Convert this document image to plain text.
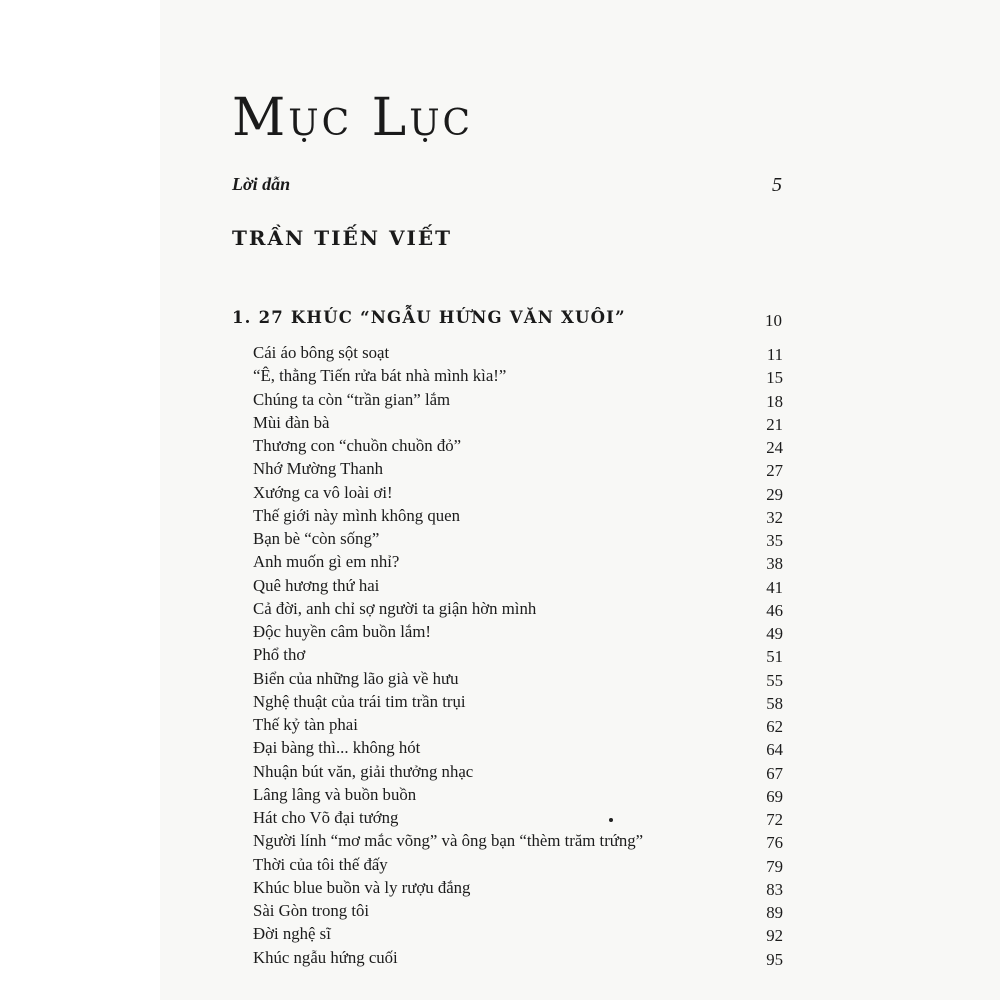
Mục Lục
Lời dẫn	5
TRẦN TIẾN VIẾT
1. 27 KHÚC “NGẪU HỨNG VĂN XUÔI”	10
Cái áo bông sột soạt	11
“Ê, thằng Tiến rửa bát nhà mình kìa!”	15
Chúng ta còn “trần gian” lắm	18
Mùi đàn bà	21
Thương con “chuồn chuồn đỏ”	24
Nhớ Mường Thanh	27
Xướng ca vô loài ơi!	29
Thế giới này mình không quen	32
Bạn bè “còn sống”	35
Anh muốn gì em nhỉ?	38
Quê hương thứ hai	41
Cả đời, anh chỉ sợ người ta giận hờn mình	46
Độc huyền câm buồn lắm!	49
Phổ thơ	51
Biển của những lão già về hưu	55
Nghệ thuật của trái tim trần trụi	58
Thế kỷ tàn phai	62
Đại bàng thì... không hót	64
Nhuận bút văn, giải thưởng nhạc	67
Lâng lâng và buồn buồn	69
Hát cho Võ đại tướng	72
Người lính “mơ mắc võng” và ông bạn “thèm trăm trứng”	76
Thời của tôi thế đấy	79
Khúc blue buồn và ly rượu đắng	83
Sài Gòn trong tôi	89
Đời nghệ sĩ	92
Khúc ngẫu hứng cuối	95
